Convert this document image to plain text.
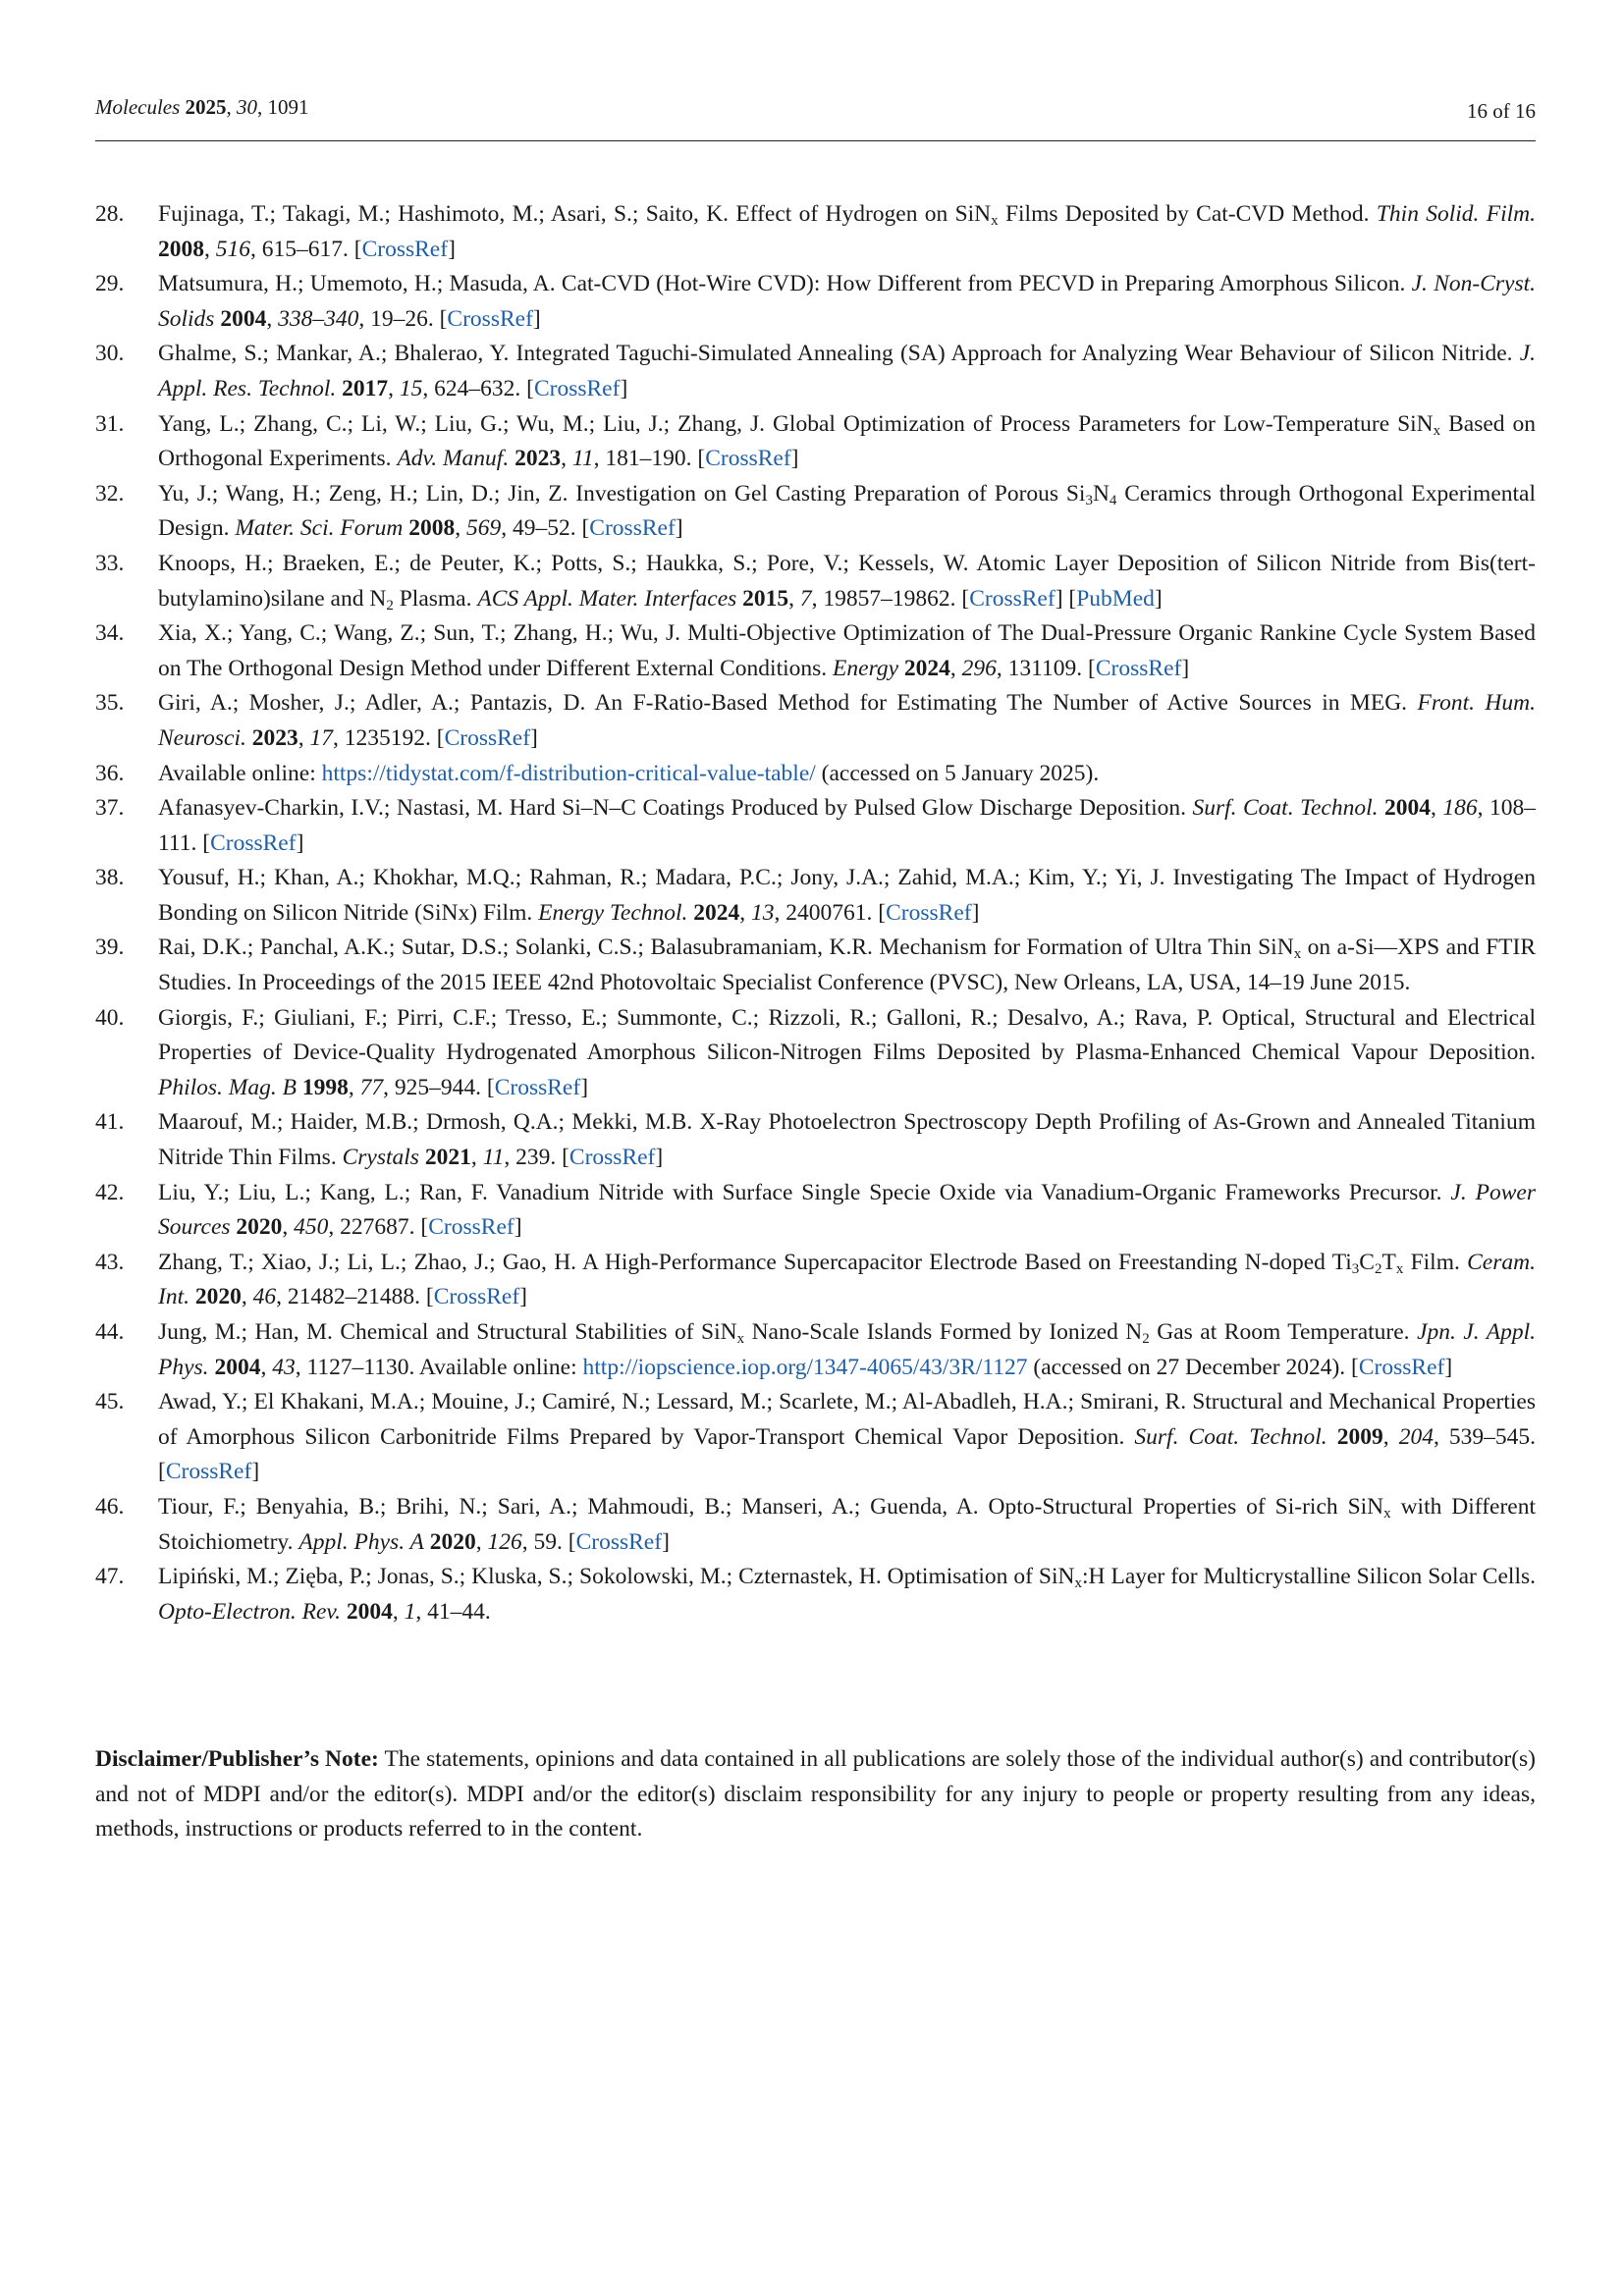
Molecules 2025, 30, 1091	16 of 16
28. Fujinaga, T.; Takagi, M.; Hashimoto, M.; Asari, S.; Saito, K. Effect of Hydrogen on SiN$_x$ Films Deposited by Cat-CVD Method. Thin Solid. Film. 2008, 516, 615–617. [CrossRef]
29. Matsumura, H.; Umemoto, H.; Masuda, A. Cat-CVD (Hot-Wire CVD): How Different from PECVD in Preparing Amorphous Silicon. J. Non-Cryst. Solids 2004, 338–340, 19–26. [CrossRef]
30. Ghalme, S.; Mankar, A.; Bhalerao, Y. Integrated Taguchi-Simulated Annealing (SA) Approach for Analyzing Wear Behaviour of Silicon Nitride. J. Appl. Res. Technol. 2017, 15, 624–632. [CrossRef]
31. Yang, L.; Zhang, C.; Li, W.; Liu, G.; Wu, M.; Liu, J.; Zhang, J. Global Optimization of Process Parameters for Low-Temperature SiN$_x$ Based on Orthogonal Experiments. Adv. Manuf. 2023, 11, 181–190. [CrossRef]
32. Yu, J.; Wang, H.; Zeng, H.; Lin, D.; Jin, Z. Investigation on Gel Casting Preparation of Porous $Si_3N_4$ Ceramics through Orthogonal Experimental Design. Mater. Sci. Forum 2008, 569, 49–52. [CrossRef]
33. Knoops, H.; Braeken, E.; de Peuter, K.; Potts, S.; Haukka, S.; Pore, V.; Kessels, W. Atomic Layer Deposition of Silicon Nitride from Bis(tert-butylamino)silane and $N_2$ Plasma. ACS Appl. Mater. Interfaces 2015, 7, 19857–19862. [CrossRef] [PubMed]
34. Xia, X.; Yang, C.; Wang, Z.; Sun, T.; Zhang, H.; Wu, J. Multi-Objective Optimization of The Dual-Pressure Organic Rankine Cycle System Based on The Orthogonal Design Method under Different External Conditions. Energy 2024, 296, 131109. [CrossRef]
35. Giri, A.; Mosher, J.; Adler, A.; Pantazis, D. An F-Ratio-Based Method for Estimating The Number of Active Sources in MEG. Front. Hum. Neurosci. 2023, 17, 1235192. [CrossRef]
36. Available online: https://tidystat.com/f-distribution-critical-value-table/ (accessed on 5 January 2025).
37. Afanasyev-Charkin, I.V.; Nastasi, M. Hard Si–N–C Coatings Produced by Pulsed Glow Discharge Deposition. Surf. Coat. Technol. 2004, 186, 108–111. [CrossRef]
38. Yousuf, H.; Khan, A.; Khokhar, M.Q.; Rahman, R.; Madara, P.C.; Jony, J.A.; Zahid, M.A.; Kim, Y.; Yi, J. Investigating The Impact of Hydrogen Bonding on Silicon Nitride (SiNx) Film. Energy Technol. 2024, 13, 2400761. [CrossRef]
39. Rai, D.K.; Panchal, A.K.; Sutar, D.S.; Solanki, C.S.; Balasubramaniam, K.R. Mechanism for Formation of Ultra Thin SiN$_x$ on a-Si—XPS and FTIR Studies. In Proceedings of the 2015 IEEE 42nd Photovoltaic Specialist Conference (PVSC), New Orleans, LA, USA, 14–19 June 2015.
40. Giorgis, F.; Giuliani, F.; Pirri, C.F.; Tresso, E.; Summonte, C.; Rizzoli, R.; Galloni, R.; Desalvo, A.; Rava, P. Optical, Structural and Electrical Properties of Device-Quality Hydrogenated Amorphous Silicon-Nitrogen Films Deposited by Plasma-Enhanced Chemical Vapour Deposition. Philos. Mag. B 1998, 77, 925–944. [CrossRef]
41. Maarouf, M.; Haider, M.B.; Drmosh, Q.A.; Mekki, M.B. X-Ray Photoelectron Spectroscopy Depth Profiling of As-Grown and Annealed Titanium Nitride Thin Films. Crystals 2021, 11, 239. [CrossRef]
42. Liu, Y.; Liu, L.; Kang, L.; Ran, F. Vanadium Nitride with Surface Single Specie Oxide via Vanadium-Organic Frameworks Precursor. J. Power Sources 2020, 450, 227687. [CrossRef]
43. Zhang, T.; Xiao, J.; Li, L.; Zhao, J.; Gao, H. A High-Performance Supercapacitor Electrode Based on Freestanding N-doped $Ti_3C_2T_x$ Film. Ceram. Int. 2020, 46, 21482–21488. [CrossRef]
44. Jung, M.; Han, M. Chemical and Structural Stabilities of SiN$_x$ Nano-Scale Islands Formed by Ionized $N_2$ Gas at Room Temperature. Jpn. J. Appl. Phys. 2004, 43, 1127–1130. Available online: http://iopscience.iop.org/1347-4065/43/3R/1127 (accessed on 27 December 2024). [CrossRef]
45. Awad, Y.; El Khakani, M.A.; Mouine, J.; Camiré, N.; Lessard, M.; Scarlete, M.; Al-Abadleh, H.A.; Smirani, R. Structural and Mechanical Properties of Amorphous Silicon Carbonitride Films Prepared by Vapor-Transport Chemical Vapor Deposition. Surf. Coat. Technol. 2009, 204, 539–545. [CrossRef]
46. Tiour, F.; Benyahia, B.; Brihi, N.; Sari, A.; Mahmoudi, B.; Manseri, A.; Guenda, A. Opto-Structural Properties of Si-rich SiN$_x$ with Different Stoichiometry. Appl. Phys. A 2020, 126, 59. [CrossRef]
47. Lipiński, M.; Zięba, P.; Jonas, S.; Kluska, S.; Sokolowski, M.; Czternastek, H. Optimisation of SiN$_x$:H Layer for Multicrystalline Silicon Solar Cells. Opto-Electron. Rev. 2004, 1, 41–44.

Disclaimer/Publisher’s Note: The statements, opinions and data contained in all publications are solely those of the individual author(s) and contributor(s) and not of MDPI and/or the editor(s). MDPI and/or the editor(s) disclaim responsibility for any injury to people or property resulting from any ideas, methods, instructions or products referred to in the content.
